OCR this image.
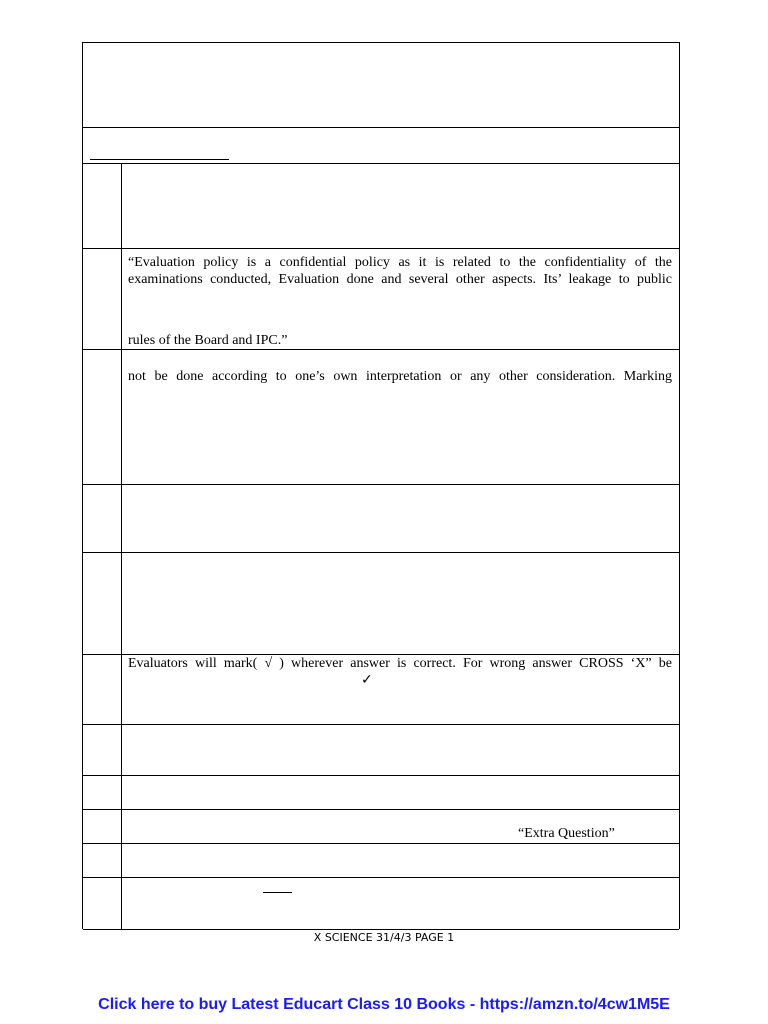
“Evaluation policy is a confidential policy as it is related to the confidentiality of the
examinations conducted, Evaluation done and several other aspects. Its’ leakage to public
rules of the Board and IPC.”
not be done according to one’s own interpretation or any other consideration. Marking
Evaluators will mark( √ ) wherever answer is correct. For wrong answer CROSS ‘X” be
✓
“Extra Question”
X SCIENCE 31/4/3 PAGE 1
Click here to buy Latest Educart Class 10 Books - https://amzn.to/4cw1M5E
